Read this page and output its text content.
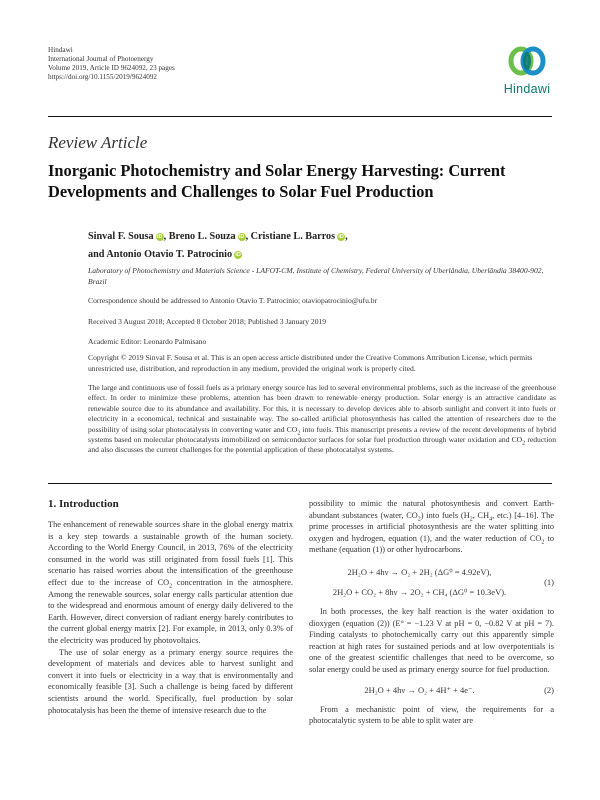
Hindawi
International Journal of Photoenergy
Volume 2019, Article ID 9624092, 23 pages
https://doi.org/10.1155/2019/9624092
Hindawi
Review Article
Inorganic Photochemistry and Solar Energy Harvesting: Current Developments and Challenges to Solar Fuel Production
Sinval F. Sousa iD, Breno L. Souza iD, Cristiane L. Barros iD,
and Antonio Otavio T. Patrocinio iD
Laboratory of Photochemistry and Materials Science - LAFOT-CM, Institute of Chemistry, Federal University of Uberlândia, Uberlândia 38400-902, Brazil
Correspondence should be addressed to Antonio Otavio T. Patrocinio; otaviopatrocinio@ufu.br
Received 3 August 2018; Accepted 8 October 2018; Published 3 January 2019
Academic Editor: Leonardo Palmisano
Copyright © 2019 Sinval F. Sousa et al. This is an open access article distributed under the Creative Commons Attribution License, which permits unrestricted use, distribution, and reproduction in any medium, provided the original work is properly cited.
The large and continuous use of fossil fuels as a primary energy source has led to several environmental problems, such as the increase of the greenhouse effect. In order to minimize these problems, attention has been drawn to renewable energy production. Solar energy is an attractive candidate as renewable source due to its abundance and availability. For this, it is necessary to develop devices able to absorb sunlight and convert it into fuels or electricity in a economical, technical and sustainable way. The so-called artificial photosynthesis has called the attention of researchers due to the possibility of using solar photocatalysts in converting water and $CO_2$ into fuels. This manuscript presents a review of the recent developments of hybrid systems based on molecular photocatalysts immobilized on semiconductor surfaces for solar fuel production through water oxidation and $CO_2$ reduction and also discusses the current challenges for the potential application of these photocatalyst systems.
1. Introduction

The enhancement of renewable sources share in the global energy matrix is a key step towards a sustainable growth of the human society. According to the World Energy Council, in 2013, 76% of the electricity consumed in the world was still originated from fossil fuels [1]. This scenario has raised worries about the intensification of the greenhouse effect due to the increase of $CO_2$ concentration in the atmosphere. Among the renewable sources, solar energy calls particular attention due to the widespread and enormous amount of energy daily delivered to the Earth. However, direct conversion of radiant energy barely contributes to the current global energy matrix [2]. For example, in 2013, only 0.3% of the electricity was produced by photovoltaics.

The use of solar energy as a primary energy source requires the development of materials and devices able to harvest sunlight and convert it into fuels or electricity in a way that is environmentally and economically feasible [3]. Such a challenge is being faced by different scientists around the world. Specifically, fuel production by solar photocatalysis has been the theme of intensive research due to the

possibility to mimic the natural photosynthesis and convert Earth-abundant substances (water, $CO_2$) into fuels ($H_2$, $CH_4$, etc.) [4–16]. The prime processes in artificial photosynthesis are the water splitting into oxygen and hydrogen, equation (1), and the water reduction of $CO_2$ to methane (equation (1)) or other hydrocarbons.

2H₂O + 4hν → O₂ + 2H₂ (ΔG⁰ = 4.92eV),
2H₂O + CO₂ + 8hν → 2O₂ + CH₄ (ΔG⁰ = 10.3eV).
(1)

In both processes, the key half reaction is the water oxidation to dioxygen (equation (2)) (E° = −1.23 V at pH = 0, −0.82 V at pH = 7). Finding catalysts to photochemically carry out this apparently simple reaction at high rates for sustained periods and at low overpotentials is one of the greatest scientific challenges that need to be overcome, so solar energy could be used as primary energy source for fuel production.

2H₂O + 4hν → O₂ + 4H⁺ + 4e⁻.	(2)

From a mechanistic point of view, the requirements for a photocatalytic system to be able to split water are
